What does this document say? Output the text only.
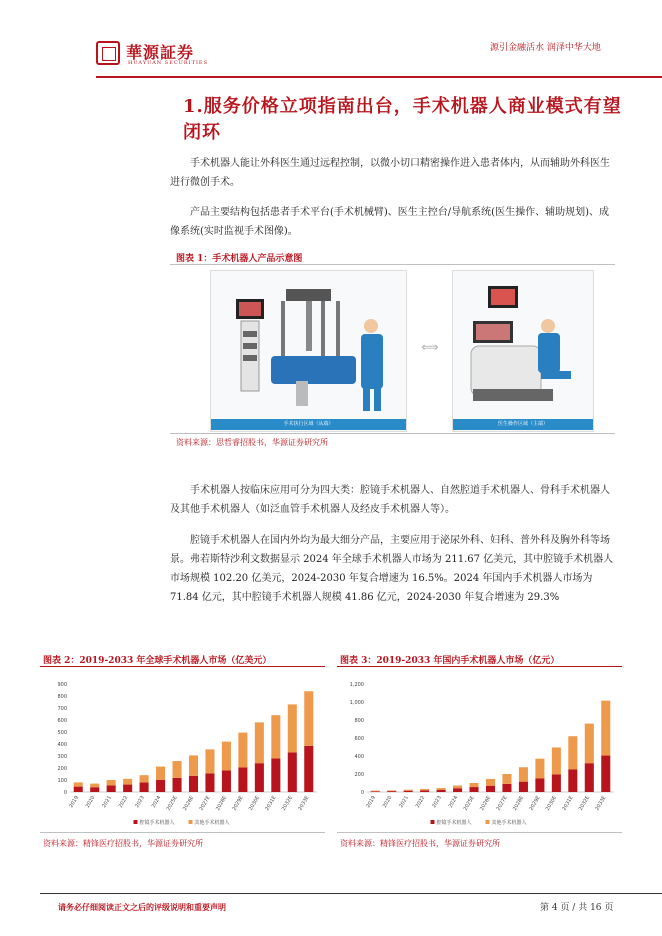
華源証券
HUAYUAN SECURITIES
源引金融活水 润泽中华大地
1.服务价格立项指南出台，手术机器人商业模式有望闭环
手术机器人能让外科医生通过远程控制，以微小切口精密操作进入患者体内，从而辅助外科医生进行微创手术。
产品主要结构包括患者手术平台(手术机械臂)、医生主控台/导航系统(医生操作、辅助规划)、成像系统(实时监视手术图像)。
图表 1：手术机器人产品示意图
手术执行区域（从端）
⟺
医生操作区域（主端）
资料来源：思哲睿招股书，华源证券研究所
手术机器人按临床应用可分为四大类：腔镜手术机器人、自然腔道手术机器人、骨科手术机器人及其他手术机器人（如泛血管手术机器人及经皮手术机器人等）。
腔镜手术机器人在国内外均为最大细分产品，主要应用于泌尿外科、妇科、普外科及胸外科等场景。弗若斯特沙利文数据显示 2024 年全球手术机器人市场为 211.67 亿美元，其中腔镜手术机器人市场规模 102.20 亿美元，2024-2030 年复合增速为 16.5%。2024 年国内手术机器人市场为 71.84 亿元，其中腔镜手术机器人规模 41.86 亿元，2024-2030 年复合增速为 29.3%
图表 2：2019-2033 年全球手术机器人市场（亿美元）
0
100
200
300
400
500
600
700
800
900
2019 2020 2021 2022 2023 2024 2025E 2026E 2027E 2028E 2029E 2030E 2031E 2032E 2033E
腔镜手术机器人	其他手术机器人
资料来源：精锋医疗招股书，华源证券研究所
图表 3：2019-2033 年国内手术机器人市场（亿元）
0
200
400
600
800
1,000
1,200
2019 2020 2021 2022 2023 2024 2025E 2026E 2027E 2028E 2029E 2030E 2031E 2032E 2033E
腔镜手术机器人	其他手术机器人
资料来源：精锋医疗招股书，华源证券研究所
请务必仔细阅读正文之后的评级说明和重要声明	第 4 页 / 共 16 页
